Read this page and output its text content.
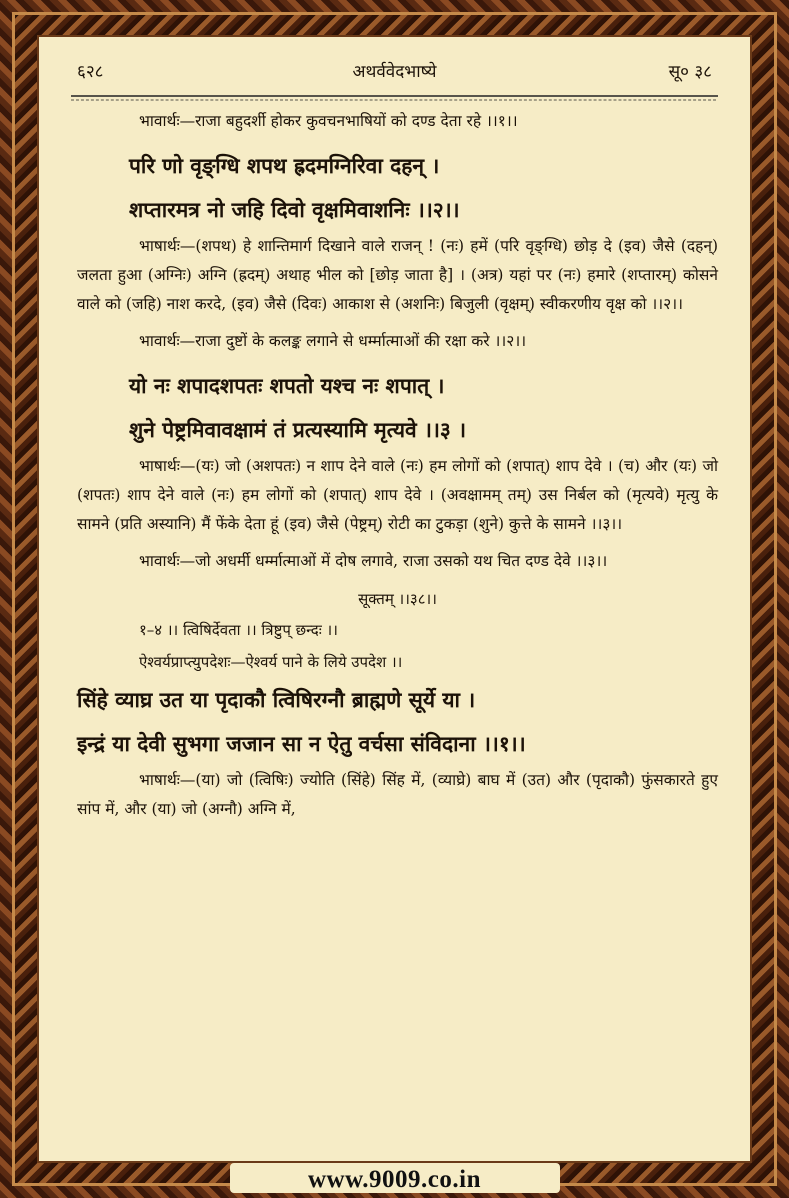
६२८	अथर्ववेदभाष्ये	सू० ३८

भावार्थः—राजा बहुदर्शी होकर कुवचनभाषियों को दण्ड देता रहे ।।१।।

परि णो वृङ्ग्धि शपथ ह्रदमग्निरिवा दहन् ।

शप्तारमत्र नो जहि दिवो वृक्षमिवाशनिः ।।२।।

भाषार्थः—(शपथ) हे शान्तिमार्ग दिखाने वाले राजन् ! (नः) हमें (परि वृङ्ग्धि) छोड़ दे (इव) जैसे (दहन्) जलता हुआ (अग्निः) अग्नि (ह्रदम्) अथाह भील को [छोड़ जाता है] । (अत्र) यहां पर (नः) हमारे (शप्तारम्) कोसने वाले को (जहि) नाश करदे, (इव) जैसे (दिवः) आकाश से (अशनिः) बिजुली (वृक्षम्) स्वीकरणीय वृक्ष को ।।२।।

भावार्थः—राजा दुष्टों के कलङ्क लगाने से धर्म्मात्माओं की रक्षा करे ।।२।।

यो नः शपादशपतः शपतो यश्च नः शपात् ।

शुने पेष्ट्रमिवावक्षामं तं प्रत्यस्यामि मृत्यवे ।।३ ।

भाषार्थः—(यः) जो (अशपतः) न शाप देने वाले (नः) हम लोगों को (शपात्) शाप देवे । (च) और (यः) जो (शपतः) शाप देने वाले (नः) हम लोगों को (शपात्) शाप देवे । (अवक्षामम् तम्) उस निर्बल को (मृत्यवे) मृत्यु के सामने (प्रति अस्यानि) मैं फेंके देता हूं (इव) जैसे (पेष्ट्रम्) रोटी का टुकड़ा (शुने) कुत्ते के सामने ।।३।।

भावार्थः—जो अधर्मी धर्म्मात्माओं में दोष लगावे, राजा उसको यथ चित दण्ड देवे ।।३।।

सूक्तम् ।।३८।।

१–४ ।। त्विषिर्देवता ।। त्रिष्टुप् छन्दः ।।

ऐश्वर्यप्राप्त्युपदेशः—ऐश्वर्य पाने के लिये उपदेश ।।

सिंहे व्याघ्र उत या पृदाकौ त्विषिरग्नौ ब्राह्मणे सूर्ये या ।

इन्द्रं या देवी सुभगा जजान सा न ऐतु वर्चसा संविदाना ।।१।।

भाषार्थः—(या) जो (त्विषिः) ज्योति (सिंहे) सिंह में, (व्याघ्रे) बाघ में (उत) और (पृदाकौ) फुंसकारते हुए सांप में, और (या) जो (अग्नौ) अग्नि में,

www.9009.co.in
